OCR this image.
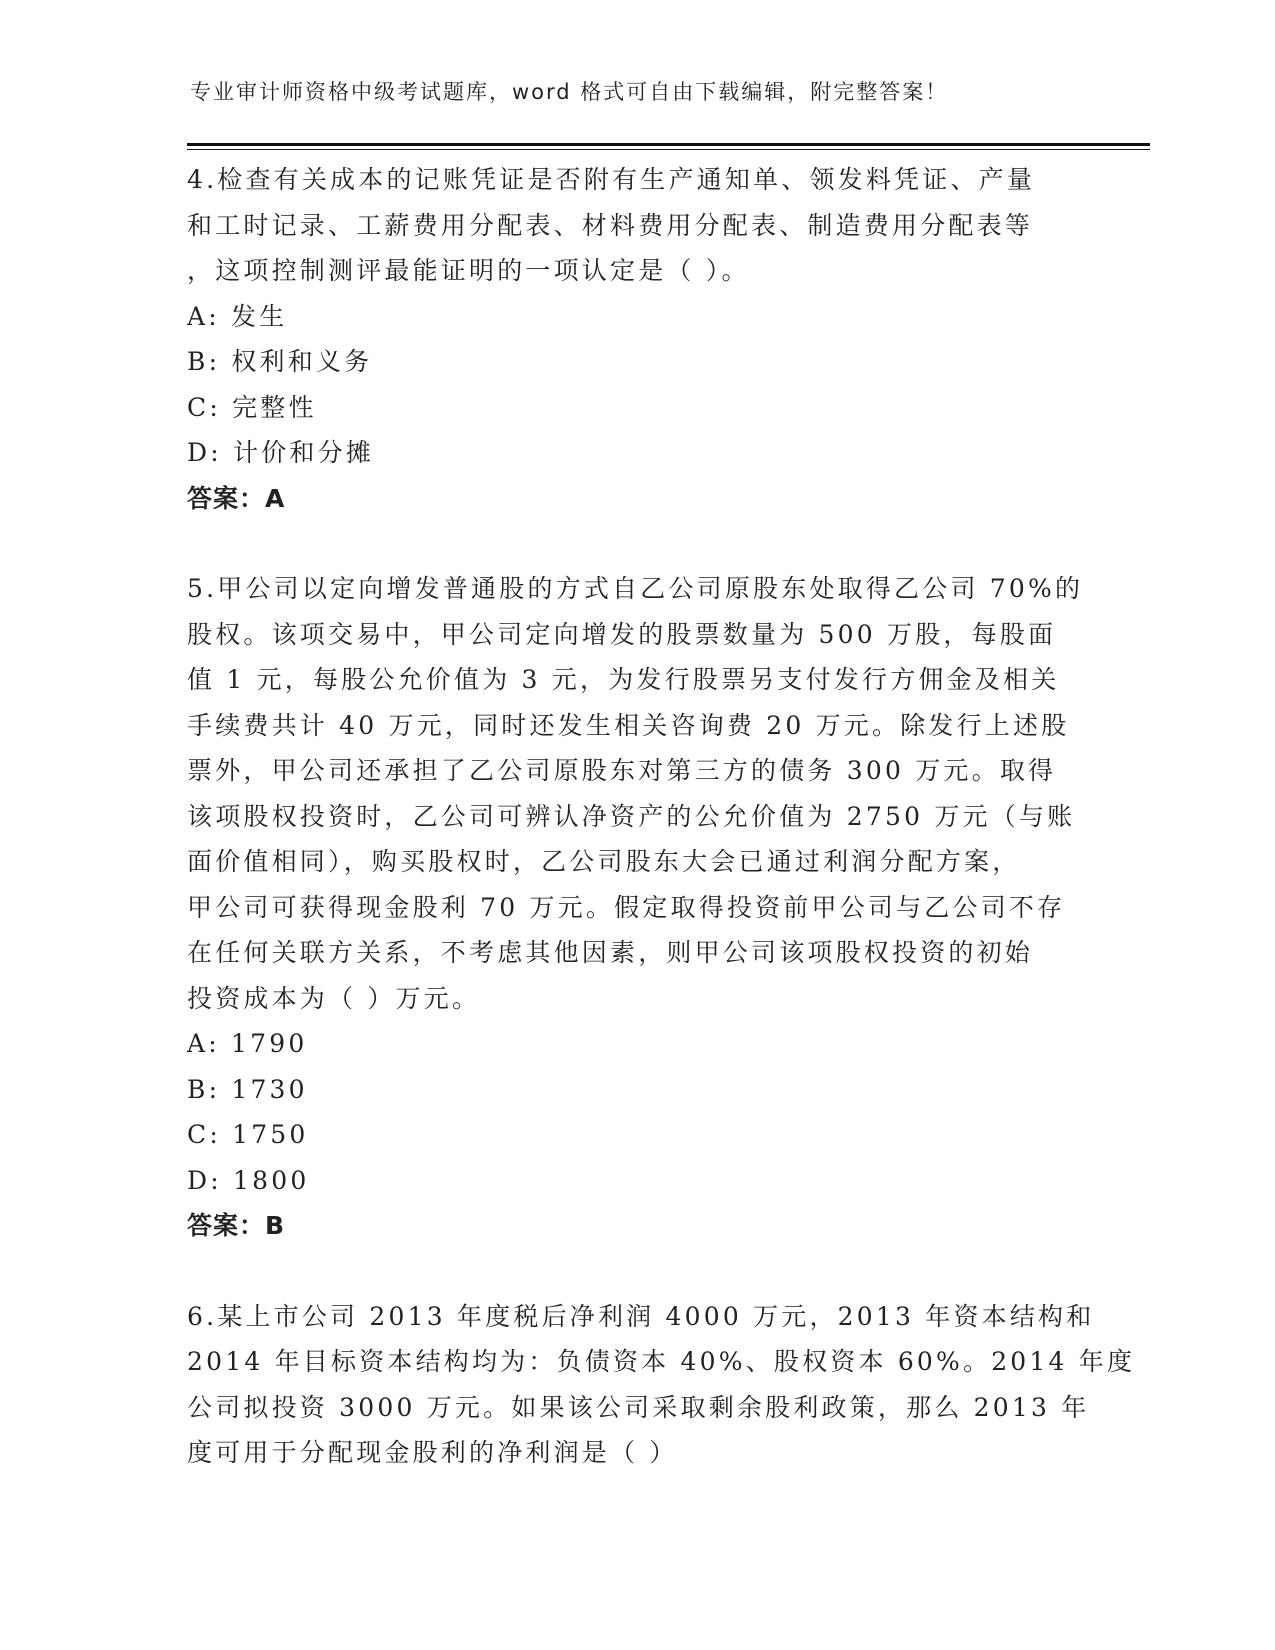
专业审计师资格中级考试题库，word 格式可自由下载编辑，附完整答案！
4.检查有关成本的记账凭证是否附有生产通知单、领发料凭证、产量
和工时记录、工薪费用分配表、材料费用分配表、制造费用分配表等
，这项控制测评最能证明的一项认定是（ ）。
A: 发生
B: 权利和义务
C: 完整性
D: 计价和分摊
答案：A
5.甲公司以定向增发普通股的方式自乙公司原股东处取得乙公司 70%的
股权。该项交易中，甲公司定向增发的股票数量为 500 万股，每股面
值 1 元，每股公允价值为 3 元，为发行股票另支付发行方佣金及相关
手续费共计 40 万元，同时还发生相关咨询费 20 万元。除发行上述股
票外，甲公司还承担了乙公司原股东对第三方的债务 300 万元。取得
该项股权投资时，乙公司可辨认净资产的公允价值为 2750 万元（与账
面价值相同），购买股权时，乙公司股东大会已通过利润分配方案，
甲公司可获得现金股利 70 万元。假定取得投资前甲公司与乙公司不存
在任何关联方关系，不考虑其他因素，则甲公司该项股权投资的初始
投资成本为（ ）万元。
A: 1790
B: 1730
C: 1750
D: 1800
答案：B
6.某上市公司 2013 年度税后净利润 4000 万元，2013 年资本结构和
2014 年目标资本结构均为：负债资本 40%、股权资本 60%。2014 年度
公司拟投资 3000 万元。如果该公司采取剩余股利政策，那么 2013 年
度可用于分配现金股利的净利润是（ ）
